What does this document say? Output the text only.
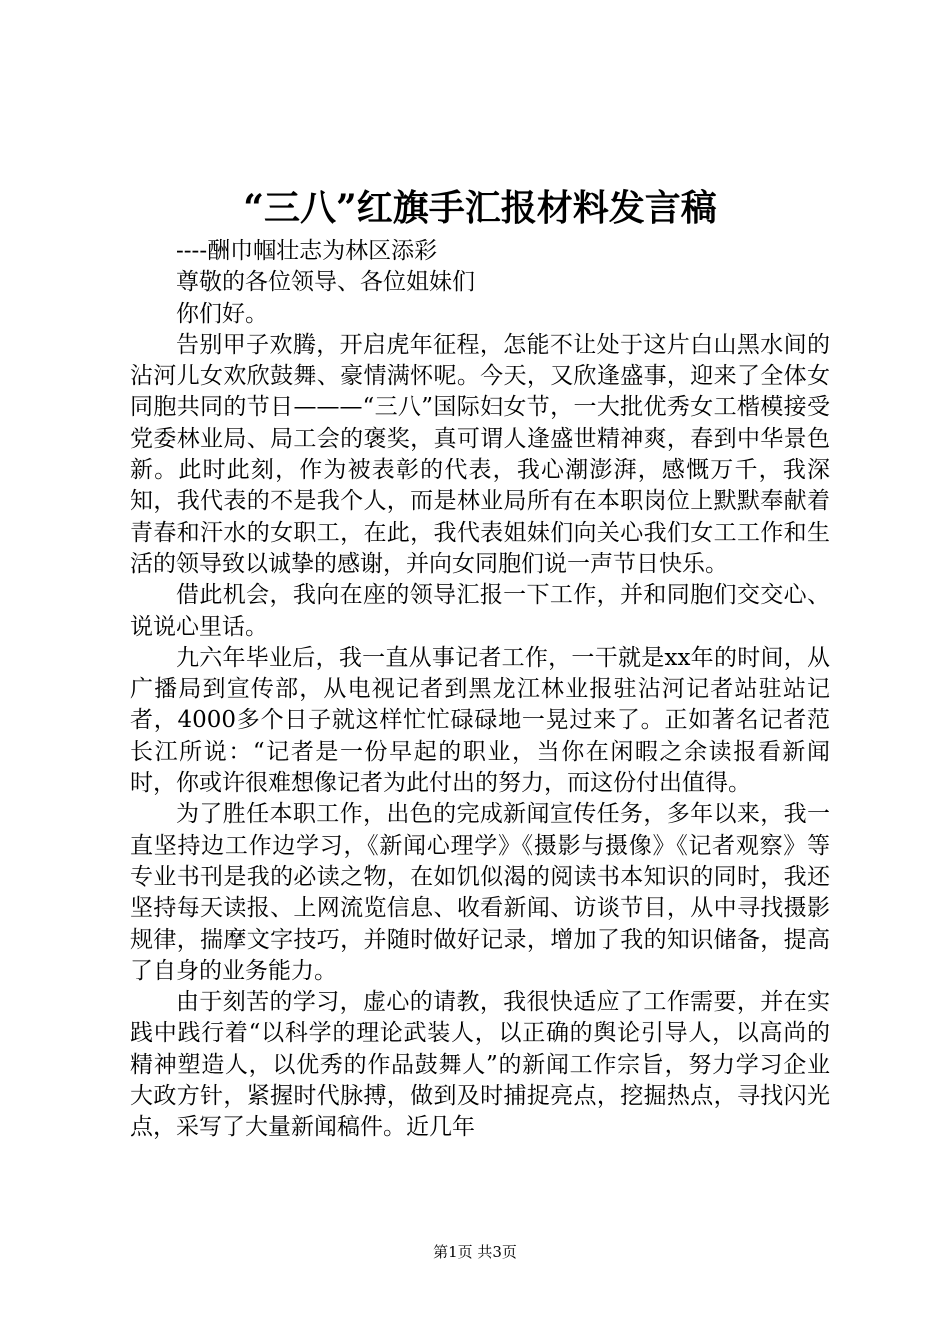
“三八”红旗手汇报材料发言稿

----酬巾帼壮志为林区添彩

尊敬的各位领导、各位姐妹们

你们好。

告别甲子欢腾，开启虎年征程，怎能不让处于这片白山黑水间的沾河儿女欢欣鼓舞、豪情满怀呢。今天，又欣逢盛事，迎来了全体女同胞共同的节日———“三八”国际妇女节，一大批优秀女工楷模接受党委林业局、局工会的褒奖，真可谓人逢盛世精神爽，春到中华景色新。此时此刻，作为被表彰的代表，我心潮澎湃，感慨万千，我深知，我代表的不是我个人，而是林业局所有在本职岗位上默默奉献着青春和汗水的女职工，在此，我代表姐妹们向关心我们女工工作和生活的领导致以诚挚的感谢，并向女同胞们说一声节日快乐。

借此机会，我向在座的领导汇报一下工作，并和同胞们交交心、说说心里话。

九六年毕业后，我一直从事记者工作，一干就是xx年的时间，从广播局到宣传部，从电视记者到黑龙江林业报驻沾河记者站驻站记者，4000多个日子就这样忙忙碌碌地一晃过来了。正如著名记者范长江所说：“记者是一份早起的职业，当你在闲暇之余读报看新闻时，你或许很难想像记者为此付出的努力，而这份付出值得。

为了胜任本职工作，出色的完成新闻宣传任务，多年以来，我一直坚持边工作边学习，《新闻心理学》《摄影与摄像》《记者观察》等专业书刊是我的必读之物，在如饥似渴的阅读书本知识的同时，我还坚持每天读报、上网流览信息、收看新闻、访谈节目，从中寻找摄影规律，揣摩文字技巧，并随时做好记录，增加了我的知识储备，提高了自身的业务能力。

由于刻苦的学习，虚心的请教，我很快适应了工作需要，并在实践中践行着“以科学的理论武装人，以正确的舆论引导人，以高尚的精神塑造人，以优秀的作品鼓舞人”的新闻工作宗旨，努力学习企业大政方针，紧握时代脉搏，做到及时捕捉亮点，挖掘热点，寻找闪光点，采写了大量新闻稿件。近几年

第1页 共3页
